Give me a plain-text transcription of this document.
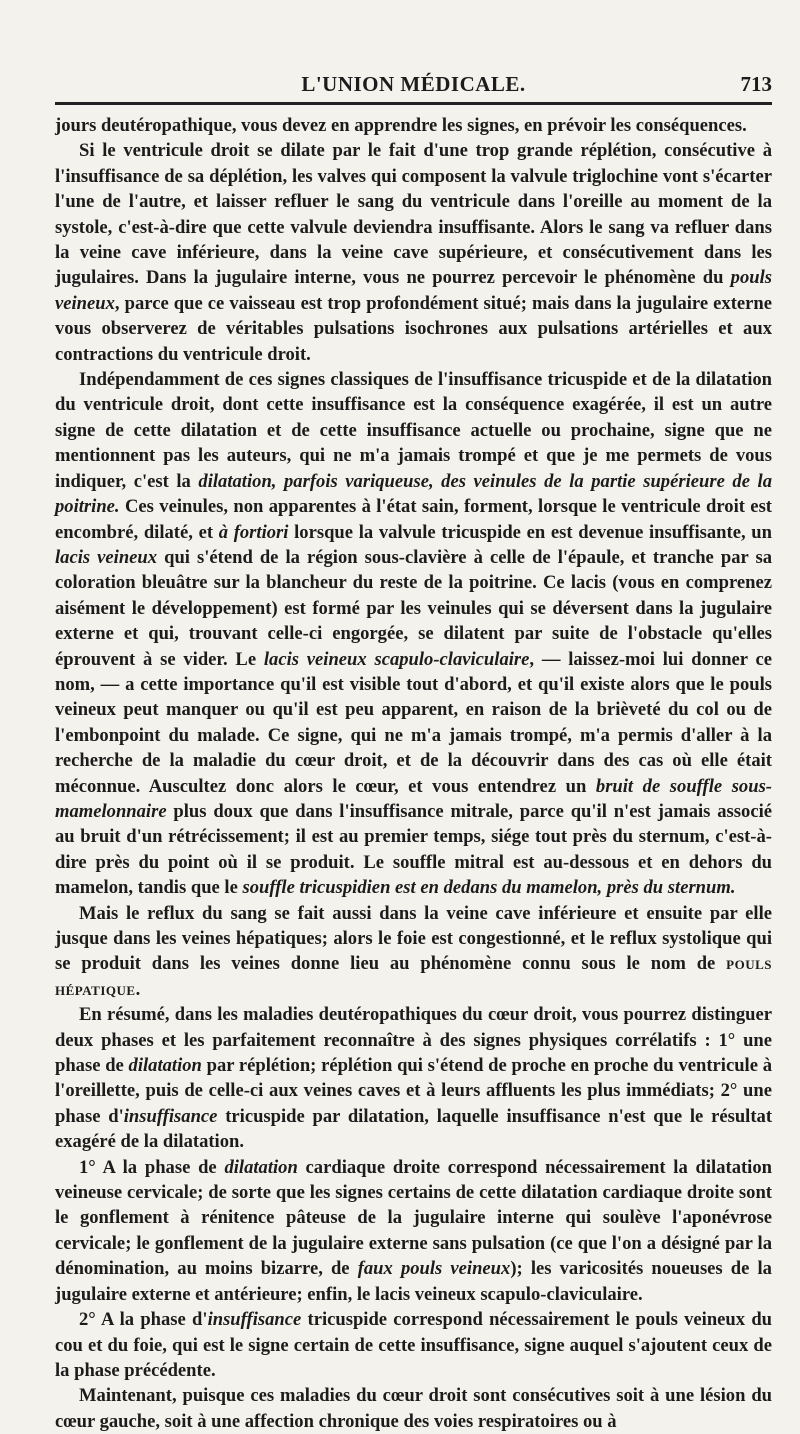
L'UNION MÉDICALE.	713

jours deutéropathique, vous devez en apprendre les signes, en prévoir les conséquences.

Si le ventricule droit se dilate par le fait d'une trop grande réplétion, consécutive à l'insuffisance de sa déplétion, les valves qui composent la valvule triglochine vont s'écarter l'une de l'autre, et laisser refluer le sang du ventricule dans l'oreille au moment de la systole, c'est-à-dire que cette valvule deviendra insuffisante. Alors le sang va refluer dans la veine cave inférieure, dans la veine cave supérieure, et consécutivement dans les jugulaires. Dans la jugulaire interne, vous ne pourrez percevoir le phénomène du pouls veineux, parce que ce vaisseau est trop profondément situé; mais dans la jugulaire externe vous observerez de véritables pulsations isochrones aux pulsations artérielles et aux contractions du ventricule droit.

Indépendamment de ces signes classiques de l'insuffisance tricuspide et de la dilatation du ventricule droit, dont cette insuffisance est la conséquence exagérée, il est un autre signe de cette dilatation et de cette insuffisance actuelle ou prochaine, signe que ne mentionnent pas les auteurs, qui ne m'a jamais trompé et que je me permets de vous indiquer, c'est la dilatation, parfois variqueuse, des veinules de la partie supérieure de la poitrine. Ces veinules, non apparentes à l'état sain, forment, lorsque le ventricule droit est encombré, dilaté, et à fortiori lorsque la valvule tricuspide en est devenue insuffisante, un lacis veineux qui s'étend de la région sous-clavière à celle de l'épaule, et tranche par sa coloration bleuâtre sur la blancheur du reste de la poitrine. Ce lacis (vous en comprenez aisément le développement) est formé par les veinules qui se déversent dans la jugulaire externe et qui, trouvant celle-ci engorgée, se dilatent par suite de l'obstacle qu'elles éprouvent à se vider. Le lacis veineux scapulo-claviculaire, — laissez-moi lui donner ce nom, — a cette importance qu'il est visible tout d'abord, et qu'il existe alors que le pouls veineux peut manquer ou qu'il est peu apparent, en raison de la brièveté du col ou de l'embonpoint du malade. Ce signe, qui ne m'a jamais trompé, m'a permis d'aller à la recherche de la maladie du cœur droit, et de la découvrir dans des cas où elle était méconnue. Auscultez donc alors le cœur, et vous entendrez un bruit de souffle sous-mamelonnaire plus doux que dans l'insuffisance mitrale, parce qu'il n'est jamais associé au bruit d'un rétrécissement; il est au premier temps, siége tout près du sternum, c'est-à-dire près du point où il se produit. Le souffle mitral est au-dessous et en dehors du mamelon, tandis que le souffle tricuspidien est en dedans du mamelon, près du sternum.

Mais le reflux du sang se fait aussi dans la veine cave inférieure et ensuite par elle jusque dans les veines hépatiques; alors le foie est congestionné, et le reflux systolique qui se produit dans les veines donne lieu au phénomène connu sous le nom de pouls hépatique.

En résumé, dans les maladies deutéropathiques du cœur droit, vous pourrez distinguer deux phases et les parfaitement reconnaître à des signes physiques corrélatifs : 1° une phase de dilatation par réplétion; réplétion qui s'étend de proche en proche du ventricule à l'oreillette, puis de celle-ci aux veines caves et à leurs affluents les plus immédiats; 2° une phase d'insuffisance tricuspide par dilatation, laquelle insuffisance n'est que le résultat exagéré de la dilatation.

1° A la phase de dilatation cardiaque droite correspond nécessairement la dilatation veineuse cervicale; de sorte que les signes certains de cette dilatation cardiaque droite sont le gonflement à rénitence pâteuse de la jugulaire interne qui soulève l'aponévrose cervicale; le gonflement de la jugulaire externe sans pulsation (ce que l'on a désigné par la dénomination, au moins bizarre, de faux pouls veineux); les varicosités noueuses de la jugulaire externe et antérieure; enfin, le lacis veineux scapulo-claviculaire.

2° A la phase d'insuffisance tricuspide correspond nécessairement le pouls veineux du cou et du foie, qui est le signe certain de cette insuffisance, signe auquel s'ajoutent ceux de la phase précédente.

Maintenant, puisque ces maladies du cœur droit sont consécutives soit à une lésion du cœur gauche, soit à une affection chronique des voies respiratoires ou à
